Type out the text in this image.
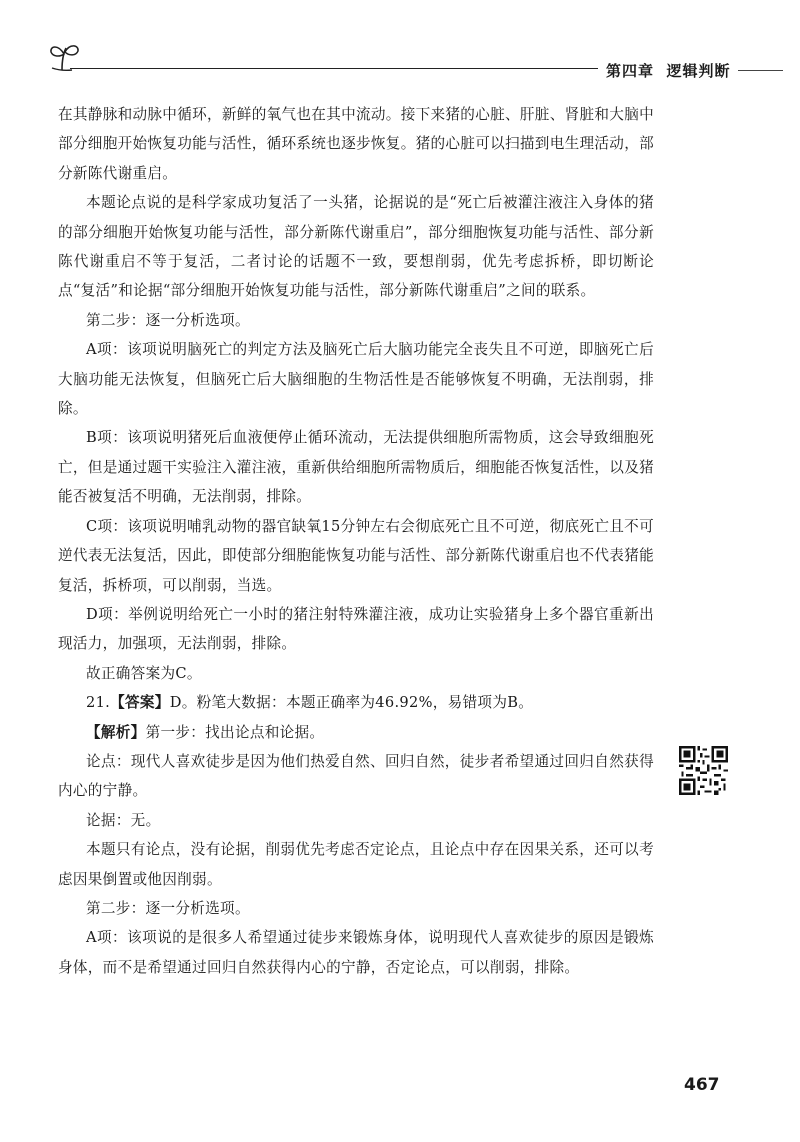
第四章 逻辑判断

在其静脉和动脉中循环，新鲜的氧气也在其中流动。接下来猪的心脏、肝脏、肾脏和大脑中部分细胞开始恢复功能与活性，循环系统也逐步恢复。猪的心脏可以扫描到电生理活动，部分新陈代谢重启。

本题论点说的是科学家成功复活了一头猪，论据说的是“死亡后被灌注液注入身体的猪的部分细胞开始恢复功能与活性，部分新陈代谢重启”，部分细胞恢复功能与活性、部分新陈代谢重启不等于复活，二者讨论的话题不一致，要想削弱，优先考虑拆桥，即切断论点“复活”和论据“部分细胞开始恢复功能与活性，部分新陈代谢重启”之间的联系。

第二步：逐一分析选项。

A项：该项说明脑死亡的判定方法及脑死亡后大脑功能完全丧失且不可逆，即脑死亡后大脑功能无法恢复，但脑死亡后大脑细胞的生物活性是否能够恢复不明确，无法削弱，排除。

B项：该项说明猪死后血液便停止循环流动，无法提供细胞所需物质，这会导致细胞死亡，但是通过题干实验注入灌注液，重新供给细胞所需物质后，细胞能否恢复活性，以及猪能否被复活不明确，无法削弱，排除。

C项：该项说明哺乳动物的器官缺氧15分钟左右会彻底死亡且不可逆，彻底死亡且不可逆代表无法复活，因此，即使部分细胞能恢复功能与活性、部分新陈代谢重启也不代表猪能复活，拆桥项，可以削弱，当选。

D项：举例说明给死亡一小时的猪注射特殊灌注液，成功让实验猪身上多个器官重新出现活力，加强项，无法削弱，排除。

故正确答案为C。

21.【答案】D。粉笔大数据：本题正确率为46.92%，易错项为B。

【解析】第一步：找出论点和论据。

论点：现代人喜欢徒步是因为他们热爱自然、回归自然，徒步者希望通过回归自然获得内心的宁静。

论据：无。

本题只有论点，没有论据，削弱优先考虑否定论点，且论点中存在因果关系，还可以考虑因果倒置或他因削弱。

第二步：逐一分析选项。

A项：该项说的是很多人希望通过徒步来锻炼身体，说明现代人喜欢徒步的原因是锻炼身体，而不是希望通过回归自然获得内心的宁静，否定论点，可以削弱，排除。

467
